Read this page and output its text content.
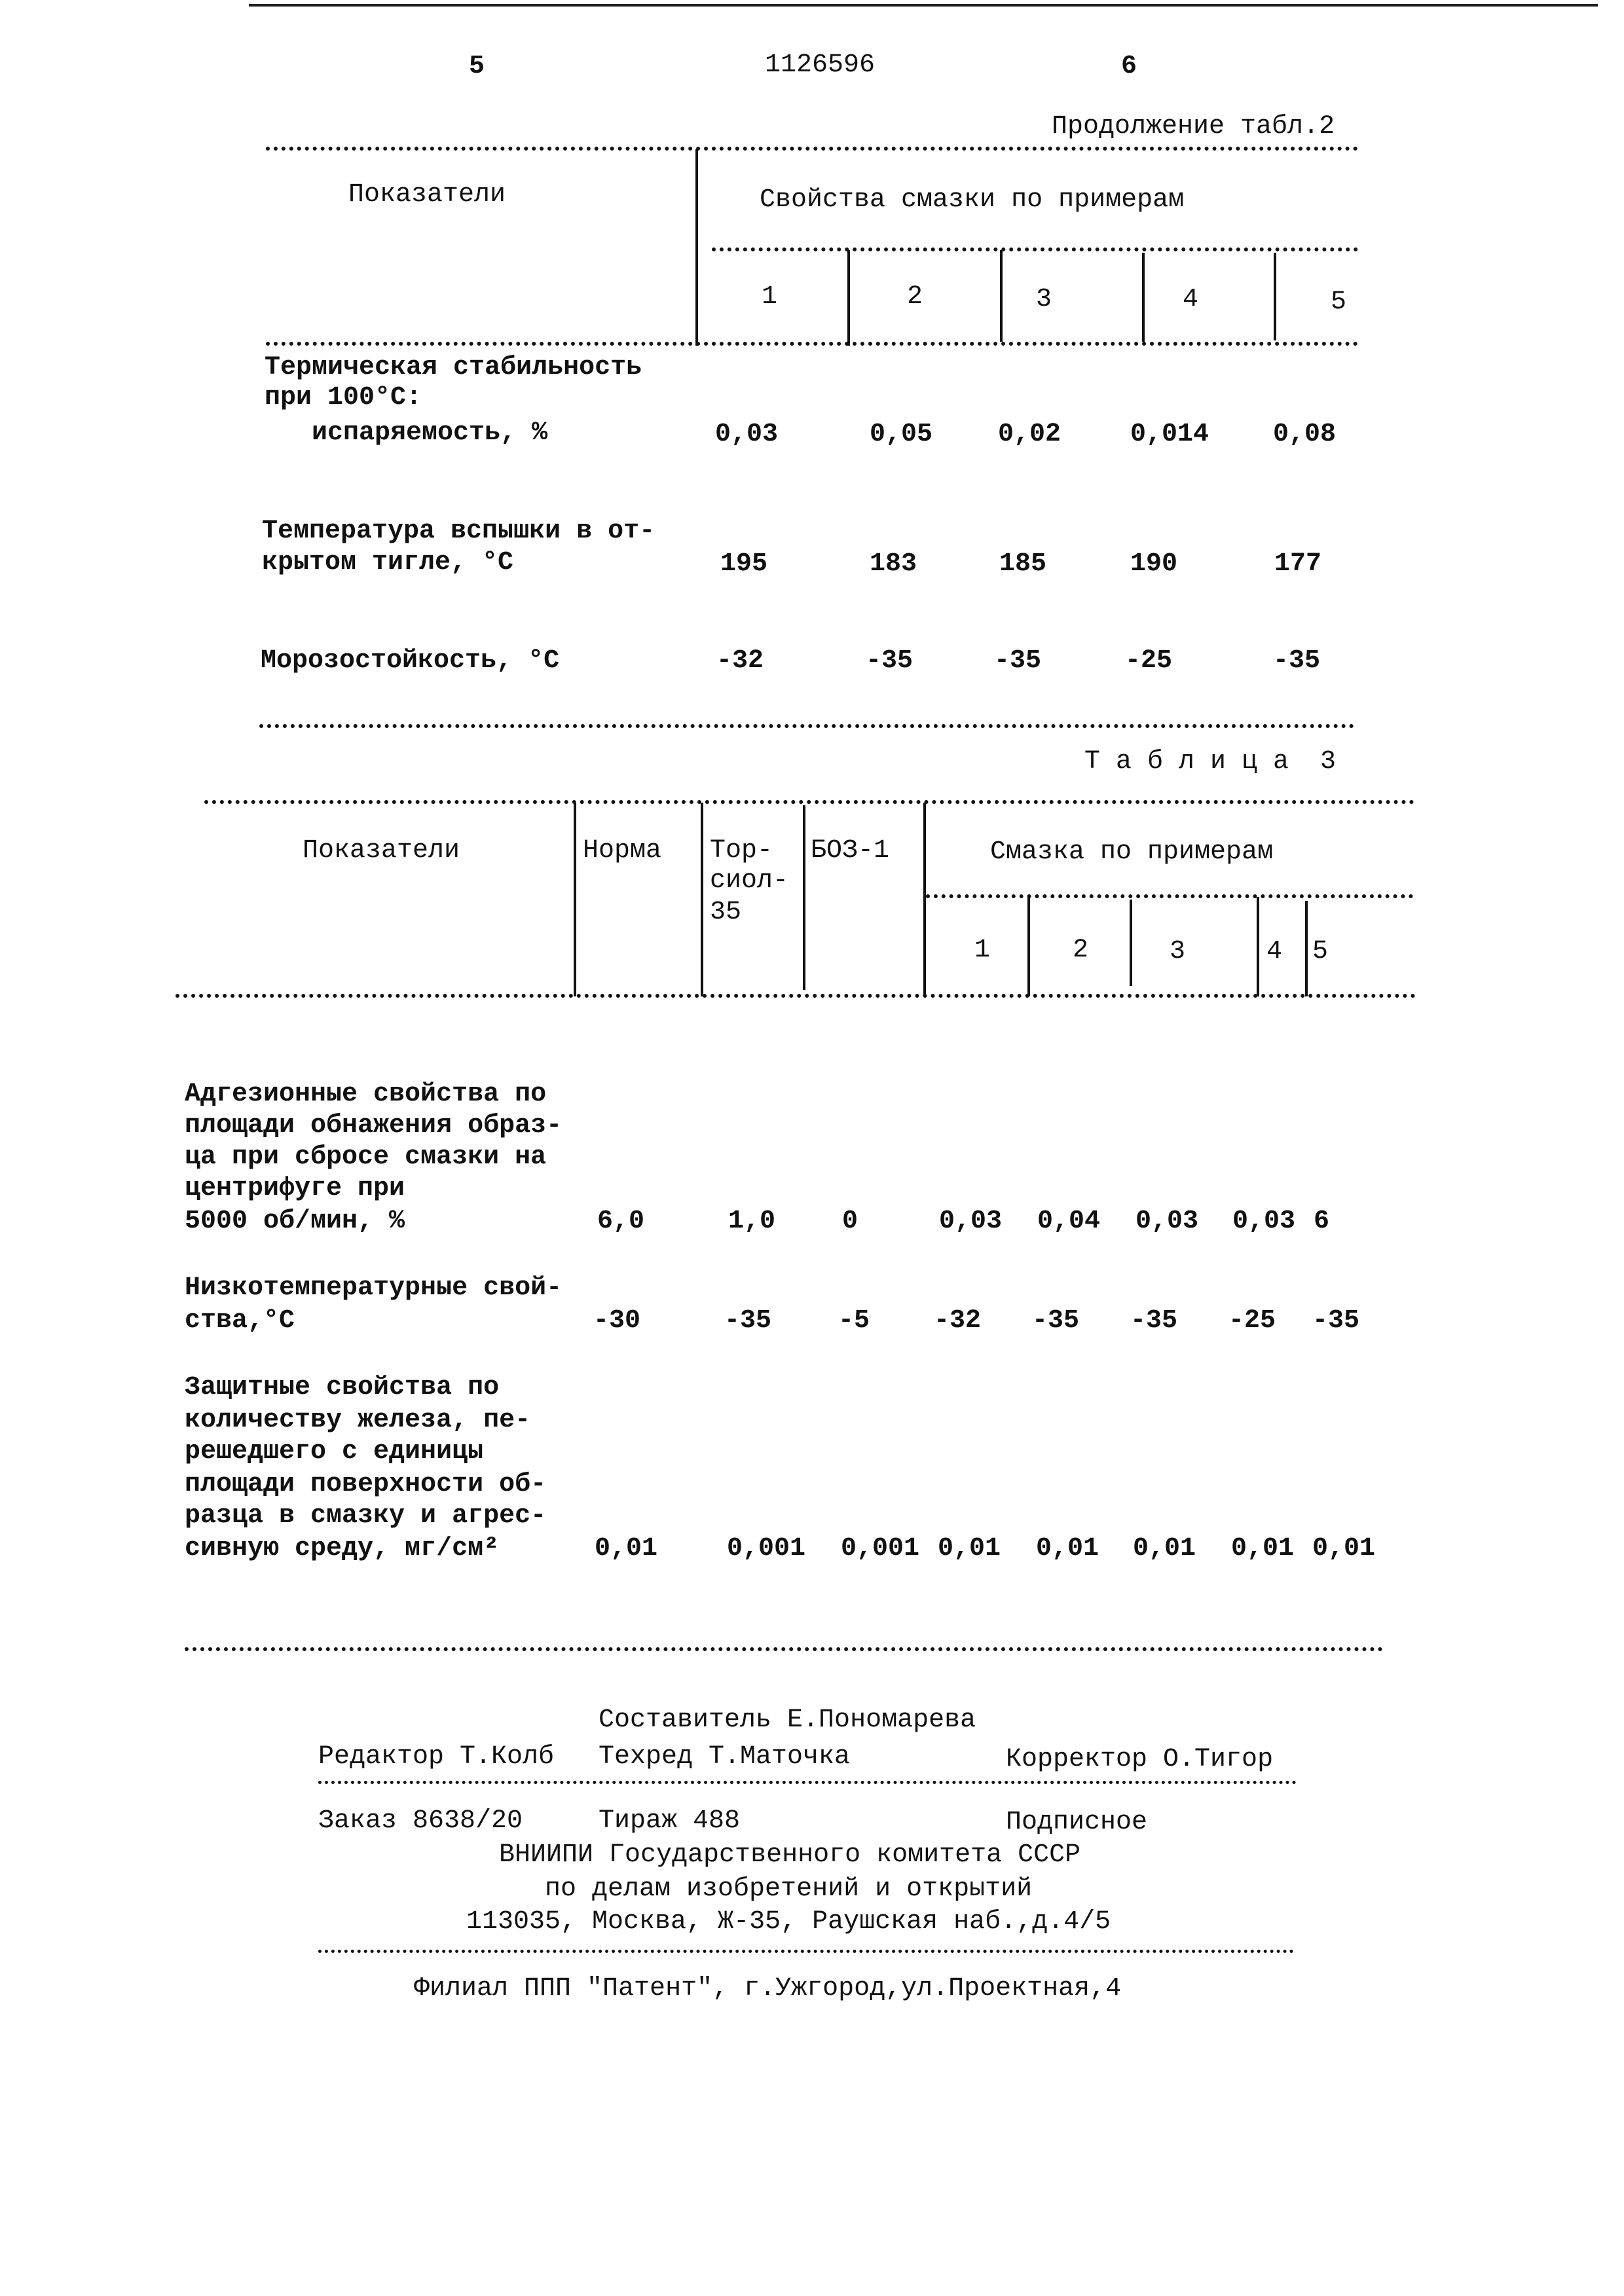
5	1126596	6
Продолжение табл.2
Показатели	Свойства смазки по примерам
1	2	3	4	5
Термическая стабильность
при 100°С:
испаряемость, %	0,03	0,05 0,02	0,014 0,08
Температура вспышки в от-
крытом тигле, °С	195	183	185	190	177
Морозостойкость, °С	-32	-35	-35	-25	-35
Т а б л и ц а  3
Показатели	Норма Тор-
сиол-
35
БОЗ-1	Смазка по примерам
1	2	3	4 5
Адгезионные свойства по
площади обнажения образ-
ца при сбросе смазки на
центрифуге при
5000 об/мин, %	6,0	1,0	0	0,03 0,04 0,03 0,03 6
Низкотемпературные свой-
ства,°С	-30	-35	-5 -32 -35 -35 -25 -35
Защитные свойства по
количеству железа, пе-
решедшего с единицы
площади поверхности об-
разца в смазку и агрес-
сивную среду, мг/см²	0,01	0,001 0,001 0,01 0,01 0,01 0,01 0,01
Составитель Е.Пономарева
Редактор Т.Колб Техред Т.Маточка	Корректор О.Тигор
Заказ 8638/20	Тираж 488	Подписное
ВНИИПИ Государственного комитета СССР
по делам изобретений и открытий
113035, Москва, Ж-35, Раушская наб.,д.4/5
Филиал ППП "Патент", г.Ужгород,ул.Проектная,4
